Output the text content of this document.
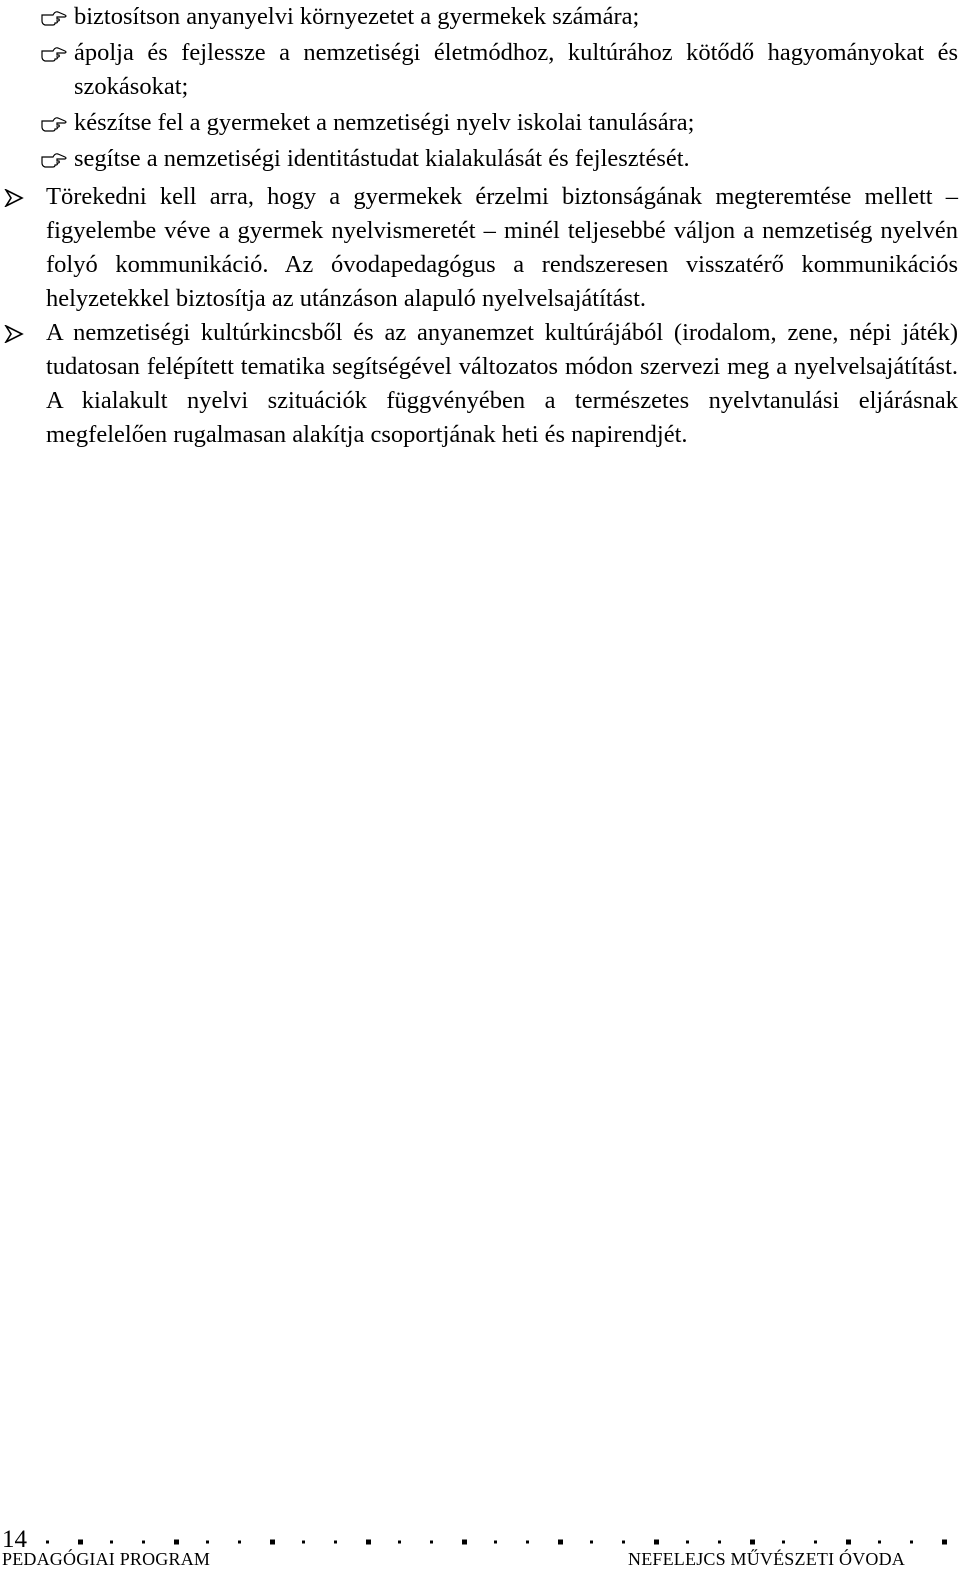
biztosítson anyanyelvi környezetet a gyermekek számára;
ápolja és fejlessze a nemzetiségi életmódhoz, kultúrához kötődő hagyományokat és szokásokat;
készítse fel a gyermeket a nemzetiségi nyelv iskolai tanulására;
segítse a nemzetiségi identitástudat kialakulását és fejlesztését.
Törekedni kell arra, hogy a gyermekek érzelmi biztonságának megteremtése mellett – figyelembe véve a gyermek nyelvismeretét – minél teljesebbé váljon a nemzetiség nyelvén folyó kommunikáció. Az óvodapedagógus a rendszeresen visszatérő kommunikációs helyzetekkel biztosítja az utánzáson alapuló nyelvelsajátítást.
A nemzetiségi kultúrkincsből és az anyanemzet kultúrájából (irodalom, zene, népi játék) tudatosan felépített tematika segítségével változatos módon szervezi meg a nyelvelsajátítást. A kialakult nyelvi szituációk függvényében a természetes nyelvtanulási eljárásnak megfelelően rugalmasan alakítja csoportjának heti és napirendjét.
14
PEDAGÓGIAI PROGRAM	NEFELEJCS MŰVÉSZETI ÓVODA
